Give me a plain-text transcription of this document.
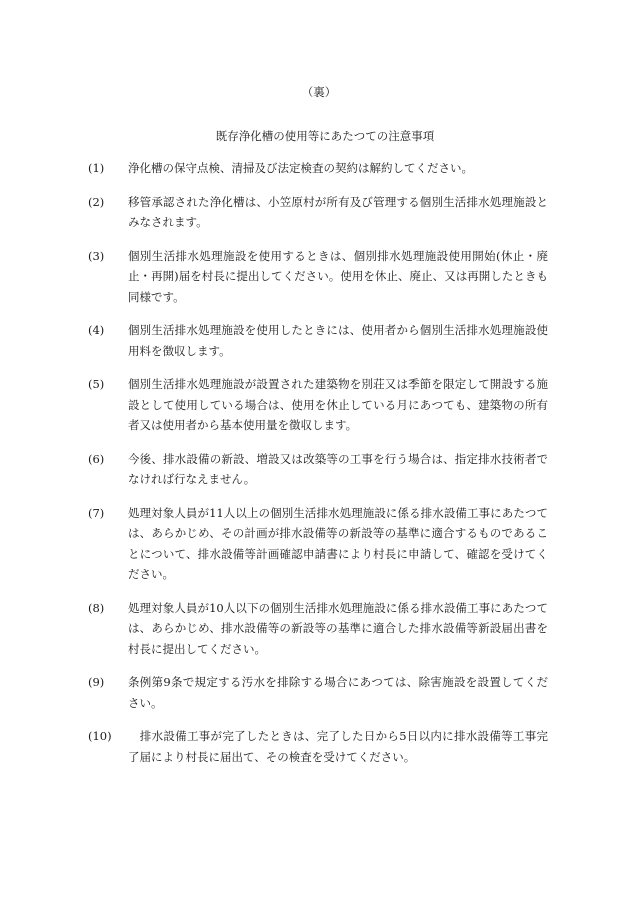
（裏）
既存浄化槽の使用等にあたつての注意事項
(1)	浄化槽の保守点検、清掃及び法定検査の契約は解約してください。
(2)	移管承認された浄化槽は、小笠原村が所有及び管理する個別生活排水処理施設とみなされます。
(3)	個別生活排水処理施設を使用するときは、個別排水処理施設使用開始(休止・廃止・再開)届を村長に提出してください。使用を休止、廃止、又は再開したときも同様です。
(4)	個別生活排水処理施設を使用したときには、使用者から個別生活排水処理施設使用料を徴収します。
(5)	個別生活排水処理施設が設置された建築物を別荘又は季節を限定して開設する施設として使用している場合は、使用を休止している月にあつても、建築物の所有者又は使用者から基本使用量を徴収します。
(6)	今後、排水設備の新設、増設又は改築等の工事を行う場合は、指定排水技術者でなければ行なえません。
(7)	処理対象人員が11人以上の個別生活排水処理施設に係る排水設備工事にあたつては、あらかじめ、その計画が排水設備等の新設等の基準に適合するものであることについて、排水設備等計画確認申請書により村長に申請して、確認を受けてください。
(8)	処理対象人員が10人以下の個別生活排水処理施設に係る排水設備工事にあたつては、あらかじめ、排水設備等の新設等の基準に適合した排水設備等新設届出書を村長に提出してください。
(9)	条例第9条で規定する汚水を排除する場合にあつては、除害施設を設置してください。
(10)	　排水設備工事が完了したときは、完了した日から5日以内に排水設備等工事完了届により村長に届出て、その検査を受けてください。
